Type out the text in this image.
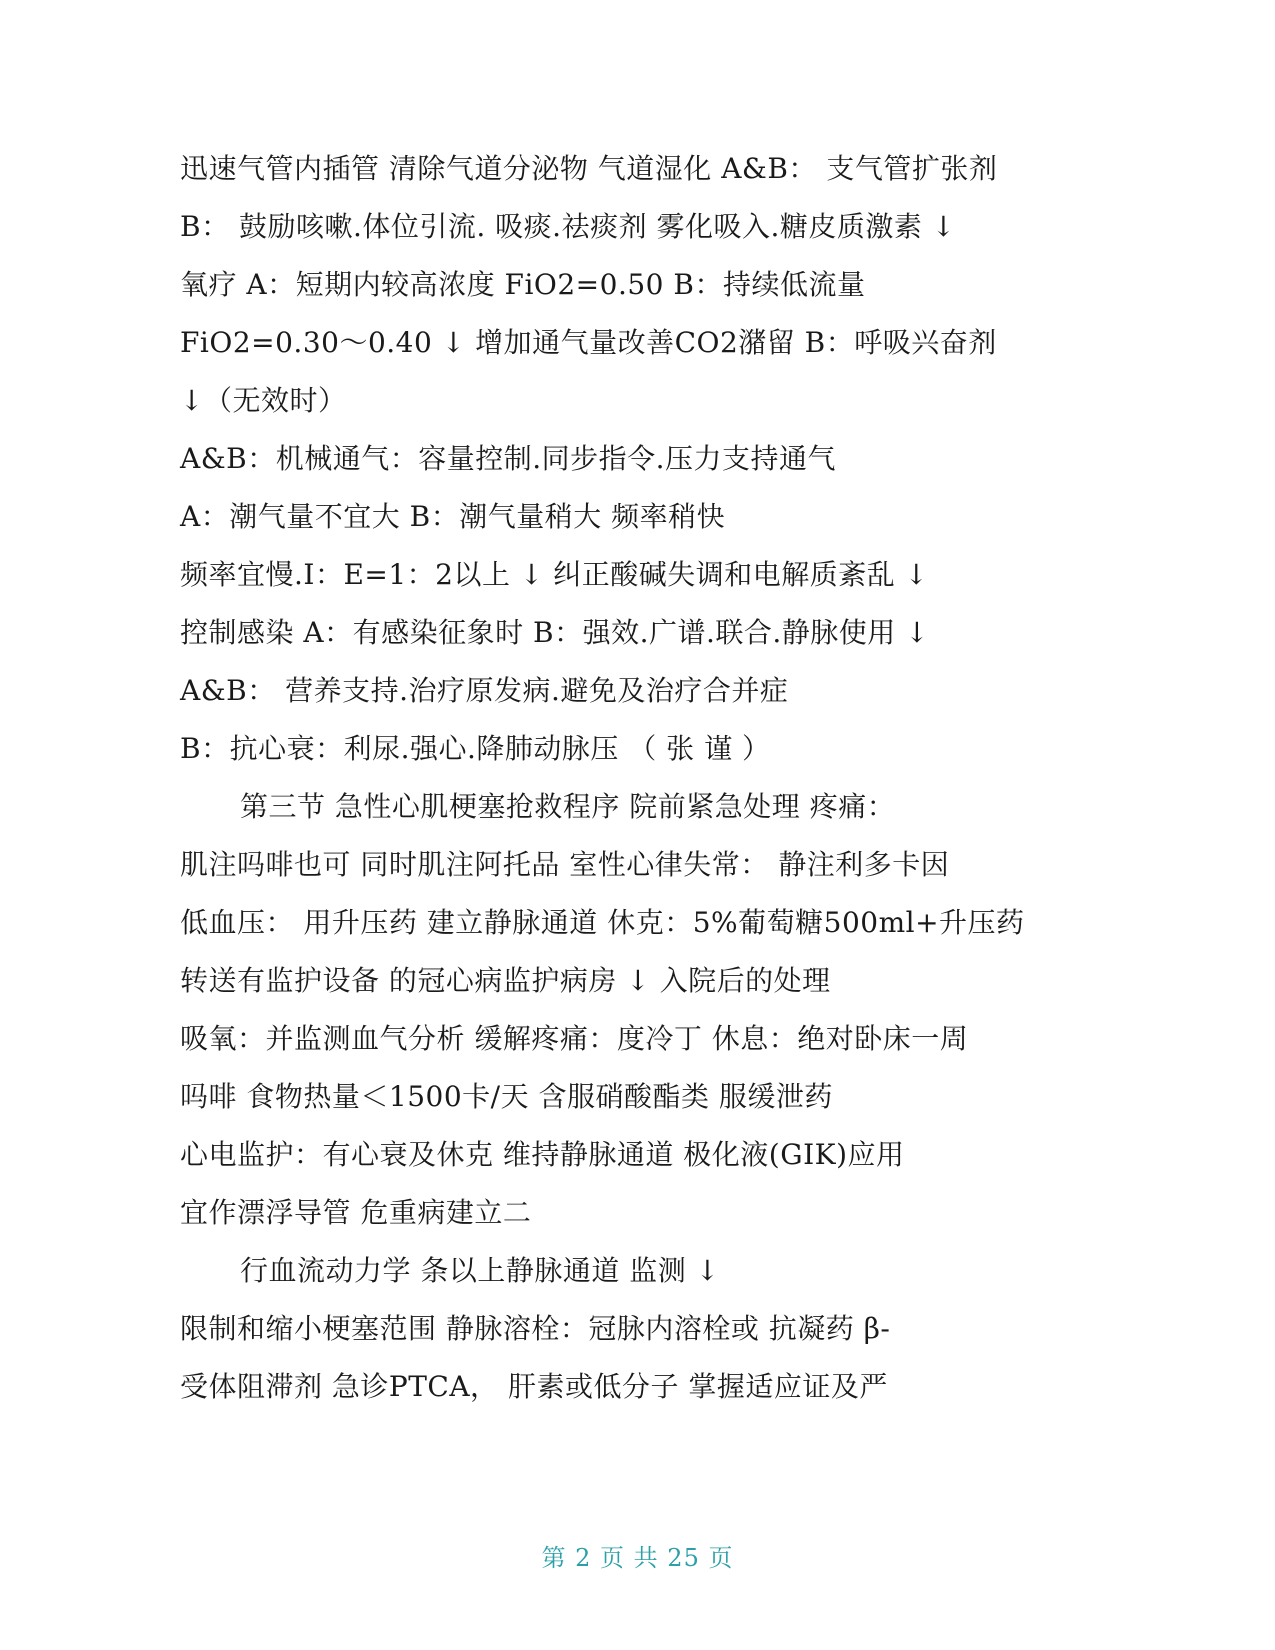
迅速气管内插管 清除气道分泌物 气道湿化 A&B： 支气管扩张剂
B： 鼓励咳嗽.体位引流. 吸痰.祛痰剂 雾化吸入.糖皮质激素 ↓
氧疗 A：短期内较高浓度 FiO2=0.50 B：持续低流量
FiO2=0.30～0.40 ↓ 增加通气量改善CO2潴留 B：呼吸兴奋剂
↓（无效时）
A&B：机械通气：容量控制.同步指令.压力支持通气
A：潮气量不宜大 B：潮气量稍大 频率稍快
频率宜慢.I：E=1：2以上 ↓ 纠正酸碱失调和电解质紊乱 ↓
控制感染 A：有感染征象时 B：强效.广谱.联合.静脉使用 ↓
A&B： 营养支持.治疗原发病.避免及治疗合并症
B：抗心衰：利尿.强心.降肺动脉压 （ 张 谨 ）
第三节 急性心肌梗塞抢救程序 院前紧急处理 疼痛：
肌注吗啡也可 同时肌注阿托品 室性心律失常： 静注利多卡因
低血压： 用升压药 建立静脉通道 休克：5%葡萄糖500ml+升压药
转送有监护设备 的冠心病监护病房 ↓ 入院后的处理
吸氧：并监测血气分析 缓解疼痛：度冷丁 休息：绝对卧床一周
吗啡 食物热量＜1500卡/天 含服硝酸酯类 服缓泄药
心电监护：有心衰及休克 维持静脉通道 极化液(GIK)应用
宜作漂浮导管 危重病建立二
行血流动力学 条以上静脉通道 监测 ↓
限制和缩小梗塞范围 静脉溶栓：冠脉内溶栓或 抗凝药 β-
受体阻滞剂 急诊PTCA， 肝素或低分子 掌握适应证及严
第 2 页 共 25 页
